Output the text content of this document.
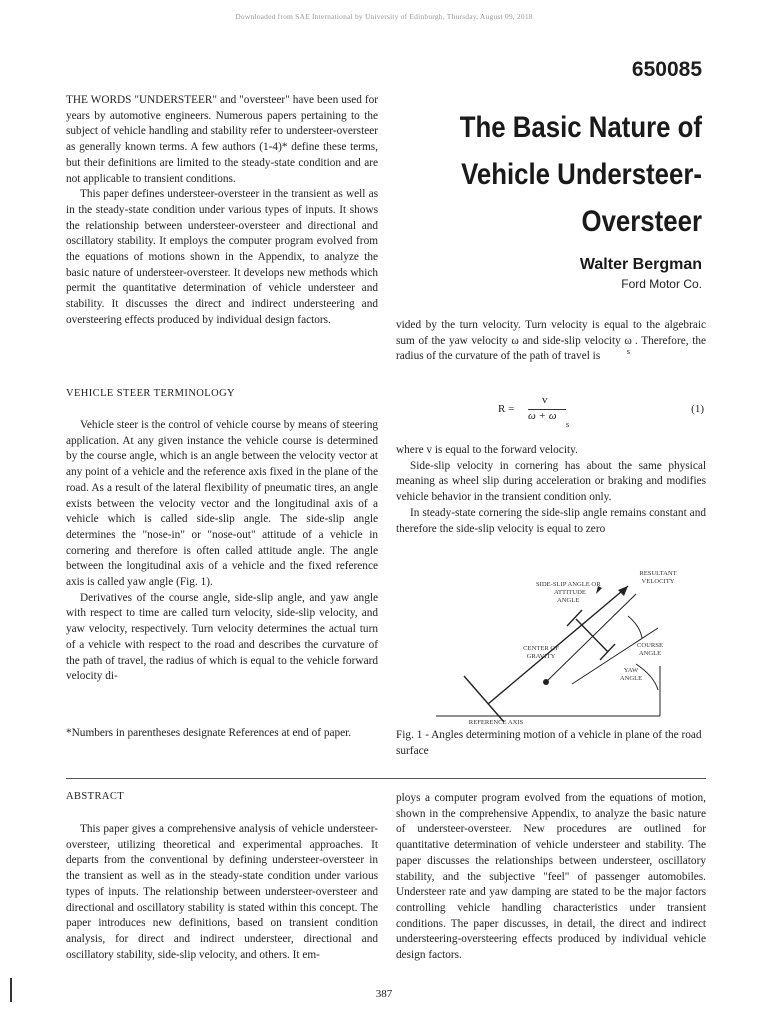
Downloaded from SAE International by University of Edinburgh, Thursday, August 09, 2018
650085
The Basic Nature of
Vehicle Understeer-
Oversteer
Walter Bergman
Ford Motor Co.

THE WORDS "UNDERSTEER" and "oversteer" have been used for years by automotive engineers. Numerous papers pertaining to the subject of vehicle handling and stability refer to understeer-oversteer as generally known terms. A few authors (1-4)* define these terms, but their definitions are limited to the steady-state condition and are not applicable to transient conditions.

This paper defines understeer-oversteer in the transient as well as in the steady-state condition under various types of inputs. It shows the relationship between understeer-oversteer and directional and oscillatory stability. It employs the computer program evolved from the equations of motions shown in the Appendix, to analyze the basic nature of understeer-oversteer. It develops new methods which permit the quantitative determination of vehicle understeer and stability. It discusses the direct and indirect understeering and oversteering effects produced by individual design factors.

VEHICLE STEER TERMINOLOGY

Vehicle steer is the control of vehicle course by means of steering application. At any given instance the vehicle course is determined by the course angle, which is an angle between the velocity vector at any point of a vehicle and the reference axis fixed in the plane of the road. As a result of the lateral flexibility of pneumatic tires, an angle exists between the velocity vector and the longitudinal axis of a vehicle which is called side-slip angle. The side-slip angle determines the "nose-in" or "nose-out" attitude of a vehicle in cornering and therefore is often called attitude angle. The angle between the longitudinal axis of a vehicle and the fixed reference axis is called yaw angle (Fig. 1).

Derivatives of the course angle, side-slip angle, and yaw angle with respect to time are called turn velocity, side-slip velocity, and yaw velocity, respectively. Turn velocity determines the actual turn of a vehicle with respect to the road and describes the curvature of the path of travel, the radius of which is equal to the vehicle forward velocity di-

*Numbers in parentheses designate References at end of paper.

vided by the turn velocity. Turn velocity is equal to the algebraic sum of the yaw velocity ω and side-slip velocity $\omega_s$. Therefore, the radius of the curvature of the path of travel is

R =
v
ω + ω
s
(1)

where v is equal to the forward velocity.

Side-slip velocity in cornering has about the same physical meaning as wheel slip during acceleration or braking and modifies vehicle behavior in the transient condition only.

In steady-state cornering the side-slip angle remains constant and therefore the side-slip velocity is equal to zero

RESULTANT
VELOCITY
SIDE-SLIP ANGLE OR
ATTITUDE
ANGLE
CENTER OF
GRAVITY
COURSE
ANGLE
YAW
ANGLE
REFERENCE AXIS
Fig. 1 - Angles determining motion of a vehicle in plane of the road surface
ABSTRACT
This paper gives a comprehensive analysis of vehicle understeer-oversteer, utilizing theoretical and experimental approaches. It departs from the conventional by defining understeer-oversteer in the transient as well as in the steady-state condition under various types of inputs. The relationship between understeer-oversteer and directional and oscillatory stability is stated within this concept. The paper introduces new definitions, based on transient condition analysis, for direct and indirect understeer, directional and oscillatory stability, side-slip velocity, and others. It em-
ploys a computer program evolved from the equations of motion, shown in the comprehensive Appendix, to analyze the basic nature of understeer-oversteer. New procedures are outlined for quantitative determination of vehicle understeer and stability. The paper discusses the relationships between understeer, oscillatory stability, and the subjective "feel" of passenger automobiles. Understeer rate and yaw damping are stated to be the major factors controlling vehicle handling characteristics under transient conditions. The paper discusses, in detail, the direct and indirect understeering-oversteering effects produced by individual vehicle design factors.
387
